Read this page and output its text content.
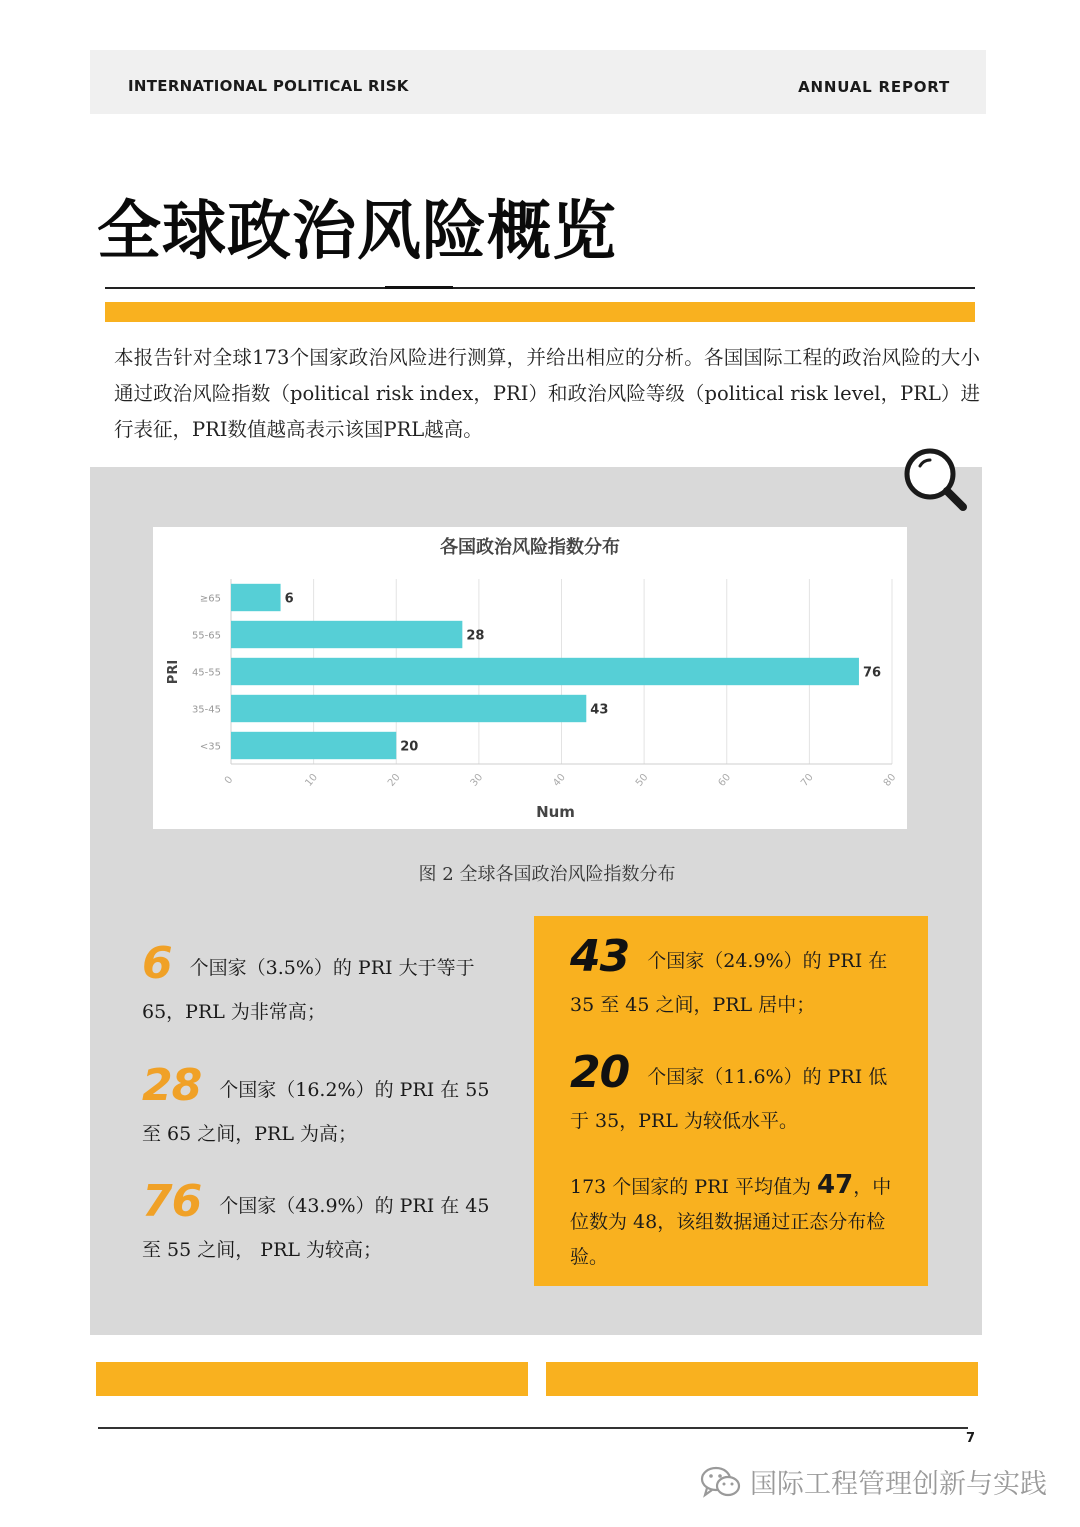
INTERNATIONAL POLITICAL RISK	ANNUAL REPORT
全球政治风险概览

本报告针对全球173个国家政治风险进行测算，并给出相应的分析。各国国际工程的政治风险的大小通过政治风险指数（political risk index，PRI）和政治风险等级（political risk level，PRL）进行表征，PRI数值越高表示该国PRL越高。

各国政治风险指数分布
6
≥65
28
55-65
76
45-55
43
35-45
20
<35
0	10	20	30	40	50	60	70	80
Num
PRI
图 2 全球各国政治风险指数分布
6 个国家（3.5%）的 PRI 大于等于 65，PRL 为非常高；
28 个国家（16.2%）的 PRI 在 55 至 65 之间，PRL 为高；
76 个国家（43.9%）的 PRI 在 45 至 55 之间， PRL 为较高；
43 个国家（24.9%）的 PRI 在 35 至 45 之间，PRL 居中；
20 个国家（11.6%）的 PRI 低于 35，PRL 为较低水平。
173 个国家的 PRI 平均值为 47，中位数为 48，该组数据通过正态分布检验。
7
国际工程管理创新与实践
